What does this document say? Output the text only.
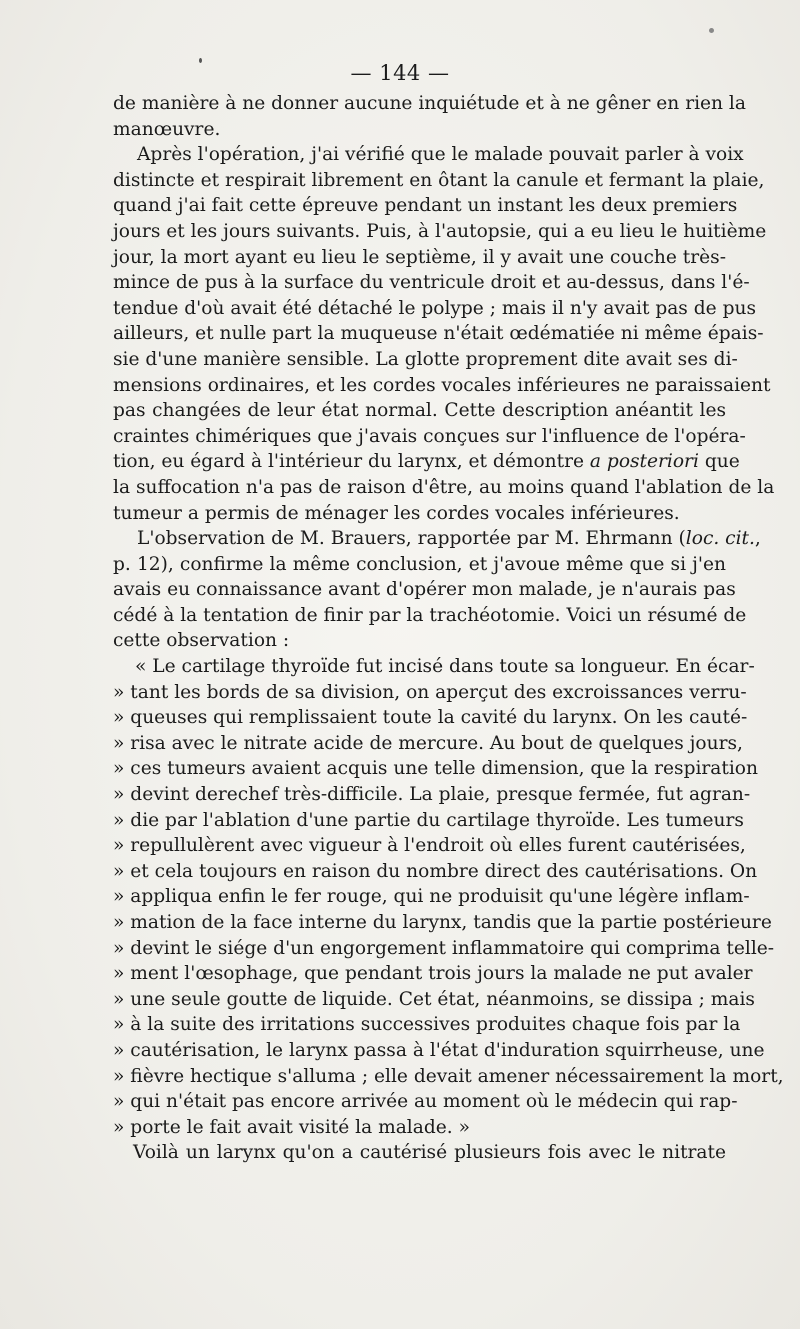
— 144 —
de manière à ne donner aucune inquiétude et à ne gêner en rien la
manœuvre.
Après l'opération, j'ai vérifié que le malade pouvait parler à voix
distincte et respirait librement en ôtant la canule et fermant la plaie,
quand j'ai fait cette épreuve pendant un instant les deux premiers
jours et les jours suivants. Puis, à l'autopsie, qui a eu lieu le huitième
jour, la mort ayant eu lieu le septième, il y avait une couche très-
mince de pus à la surface du ventricule droit et au-dessus, dans l'é-
tendue d'où avait été détaché le polype ; mais il n'y avait pas de pus
ailleurs, et nulle part la muqueuse n'était œdématiée ni même épais-
sie d'une manière sensible. La glotte proprement dite avait ses di-
mensions ordinaires, et les cordes vocales inférieures ne paraissaient
pas changées de leur état normal. Cette description anéantit les
craintes chimériques que j'avais conçues sur l'influence de l'opéra-
tion, eu égard à l'intérieur du larynx, et démontre a posteriori que
la suffocation n'a pas de raison d'être, au moins quand l'ablation de la
tumeur a permis de ménager les cordes vocales inférieures.
L'observation de M. Brauers, rapportée par M. Ehrmann (loc. cit.,
p. 12), confirme la même conclusion, et j'avoue même que si j'en
avais eu connaissance avant d'opérer mon malade, je n'aurais pas
cédé à la tentation de finir par la trachéotomie. Voici un résumé de
cette observation :
« Le cartilage thyroïde fut incisé dans toute sa longueur. En écar-
» tant les bords de sa division, on aperçut des excroissances verru-
» queuses qui remplissaient toute la cavité du larynx. On les cauté-
» risa avec le nitrate acide de mercure. Au bout de quelques jours,
» ces tumeurs avaient acquis une telle dimension, que la respiration
» devint derechef très-difficile. La plaie, presque fermée, fut agran-
» die par l'ablation d'une partie du cartilage thyroïde. Les tumeurs
» repullulèrent avec vigueur à l'endroit où elles furent cautérisées,
» et cela toujours en raison du nombre direct des cautérisations. On
» appliqua enfin le fer rouge, qui ne produisit qu'une légère inflam-
» mation de la face interne du larynx, tandis que la partie postérieure
» devint le siége d'un engorgement inflammatoire qui comprima telle-
» ment l'œsophage, que pendant trois jours la malade ne put avaler
» une seule goutte de liquide. Cet état, néanmoins, se dissipa ; mais
» à la suite des irritations successives produites chaque fois par la
» cautérisation, le larynx passa à l'état d'induration squirrheuse, une
» fièvre hectique s'alluma ; elle devait amener nécessairement la mort,
» qui n'était pas encore arrivée au moment où le médecin qui rap-
» porte le fait avait visité la malade. »
Voilà un larynx qu'on a cautérisé plusieurs fois avec le nitrate
